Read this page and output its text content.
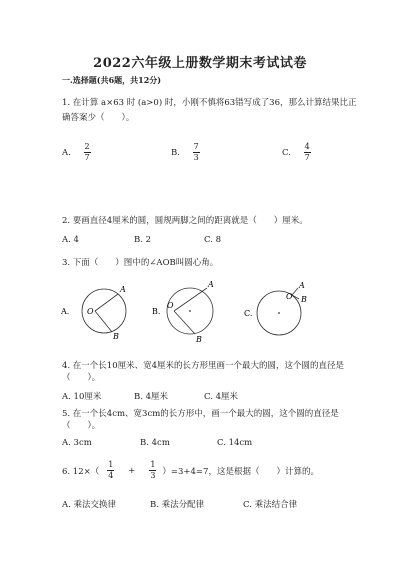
2022六年级上册数学期末考试试卷
一.选择题(共6题，共12分)
1. 在计算 a×63 时 (a>0) 时，小刚不慎将63错写成了36，那么计算结果比正
确答案少（　　）。
A. $\frac{2}{7}$	B. $\frac{7}{3}$	C. $\frac{4}{7}$
2. 要画直径4厘米的圆，圆规两脚之间的距离就是（　　）厘米。
A. 4	B. 2	C. 8
3. 下面（　　）图中的∠AOB叫圆心角。
A. O
A
B
B.
O
A
B
C.
O
A
B
4. 在一个长10厘米、宽4厘米的长方形里画一个最大的圆，这个圆的直径是
（　　）。
A. 10厘米	B. 4厘米	C. 4厘米
5. 在一个长4cm、宽3cm的长方形中，画一个最大的圆，这个圆的直径是
（　　）。
A. 3cm	B. 4cm	C. 14cm
6. $12\times( \frac{1}{4} + \frac{1}{3} )=3+4=7$，这是根据（　　）计算的。
A. 乘法交换律	B. 乘法分配律	C. 乘法结合律
